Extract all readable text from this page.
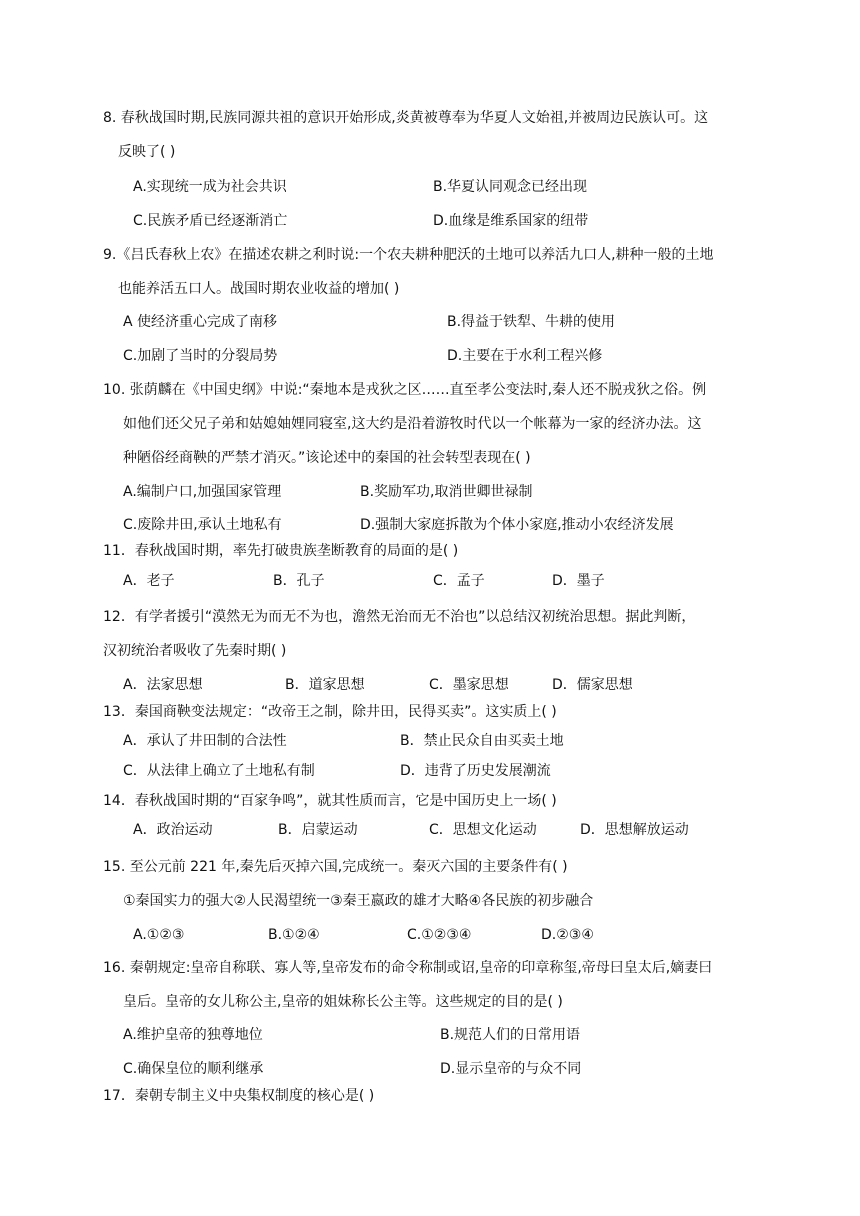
8. 春秋战国时期,民族同源共祖的意识开始形成,炎黄被尊奉为华夏人文始祖,并被周边民族认可。这
反映了( )
A.实现统一成为社会共识	B.华夏认同观念已经出现
C.民族矛盾已经逐渐消亡	D.血缘是维系国家的纽带
9.《吕氏春秋上农》在描述农耕之利时说:一个农夫耕种肥沃的土地可以养活九口人,耕种一般的土地
也能养活五口人。战国时期农业收益的增加( )
A 使经济重心完成了南移	B.得益于铁犁、牛耕的使用
C.加剧了当时的分裂局势	D.主要在于水利工程兴修
10. 张荫麟在《中国史纲》中说:“秦地本是戎狄之区……直至孝公变法时,秦人还不脱戎狄之俗。例
如他们还父兄子弟和姑媳妯娌同寝室,这大约是沿着游牧时代以一个帐幕为一家的经济办法。这
种陋俗经商鞅的严禁才消灭。”该论述中的秦国的社会转型表现在( )
A.编制户口,加强国家管理	B.奖励军功,取消世卿世禄制
C.废除井田,承认土地私有	D.强制大家庭拆散为个体小家庭,推动小农经济发展
11．春秋战国时期，率先打破贵族垄断教育的局面的是( )
A．老子	B．孔子	C．孟子	D．墨子
12．有学者援引“漠然无为而无不为也，澹然无治而无不治也”以总结汉初统治思想。据此判断，
汉初统治者吸收了先秦时期( )
A．法家思想	B．道家思想	C．墨家思想	D．儒家思想
13．秦国商鞅变法规定：“改帝王之制，除井田，民得买卖”。这实质上( )
A．承认了井田制的合法性	B．禁止民众自由买卖土地
C．从法律上确立了土地私有制	D．违背了历史发展潮流
14．春秋战国时期的“百家争鸣”，就其性质而言，它是中国历史上一场( )
A．政治运动	B．启蒙运动	C．思想文化运动	D．思想解放运动
15. 至公元前 221 年,秦先后灭掉六国,完成统一。秦灭六国的主要条件有( )
①秦国实力的强大②人民渴望统一③秦王嬴政的雄才大略④各民族的初步融合
A.①②③	B.①②④	C.①②③④	D.②③④
16. 秦朝规定:皇帝自称联、寡人等,皇帝发布的命令称制或诏,皇帝的印章称玺,帝母曰皇太后,嫡妻曰
皇后。皇帝的女儿称公主,皇帝的姐妹称长公主等。这些规定的目的是( )
A.维护皇帝的独尊地位	B.规范人们的日常用语
C.确保皇位的顺利继承	D.显示皇帝的与众不同
17．秦朝专制主义中央集权制度的核心是( )
